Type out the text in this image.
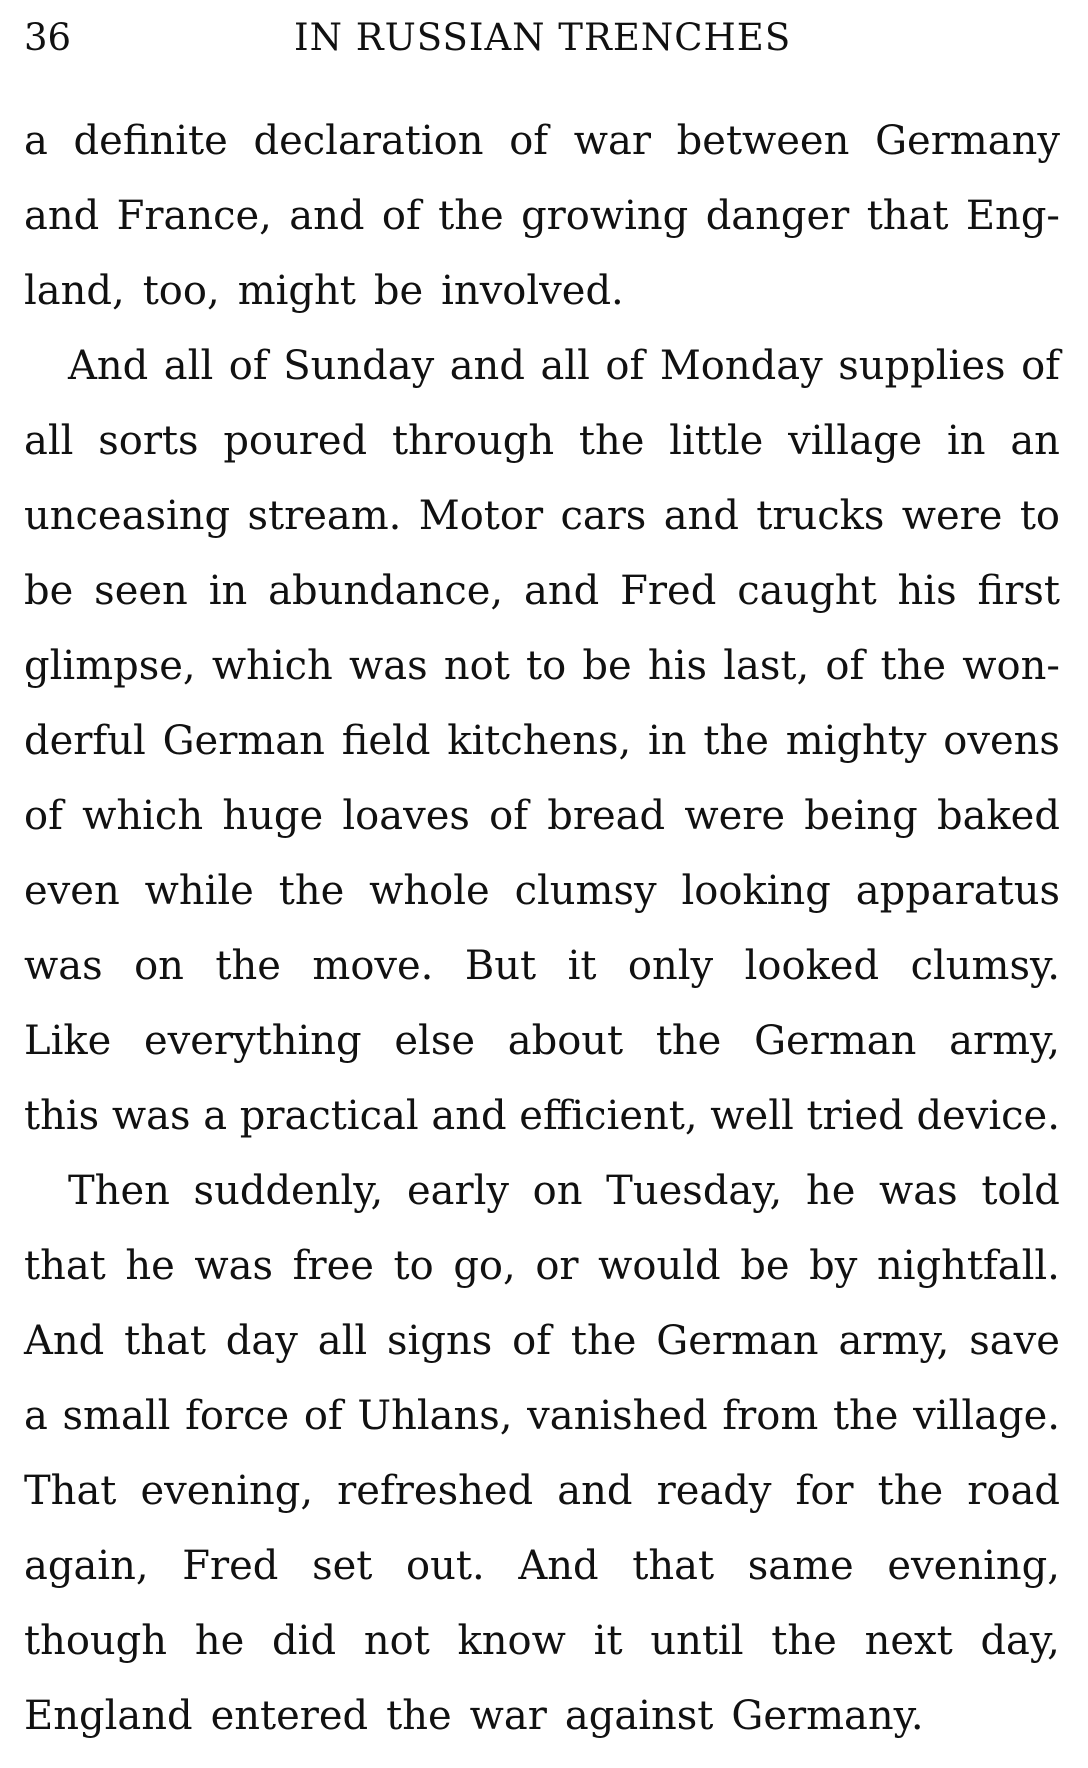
36	IN RUSSIAN TRENCHES
a definite declaration of war between Germany
and France, and of the growing danger that Eng-
land, too, might be involved.
And all of Sunday and all of Monday supplies of
all sorts poured through the little village in an
unceasing stream. Motor cars and trucks were to
be seen in abundance, and Fred caught his first
glimpse, which was not to be his last, of the won-
derful German field kitchens, in the mighty ovens
of which huge loaves of bread were being baked
even while the whole clumsy looking apparatus
was on the move. But it only looked clumsy.
Like everything else about the German army,
this was a practical and efficient, well tried device.
Then suddenly, early on Tuesday, he was told
that he was free to go, or would be by nightfall.
And that day all signs of the German army, save
a small force of Uhlans, vanished from the village.
That evening, refreshed and ready for the road
again, Fred set out. And that same evening,
though he did not know it until the next day,
England entered the war against Germany.
